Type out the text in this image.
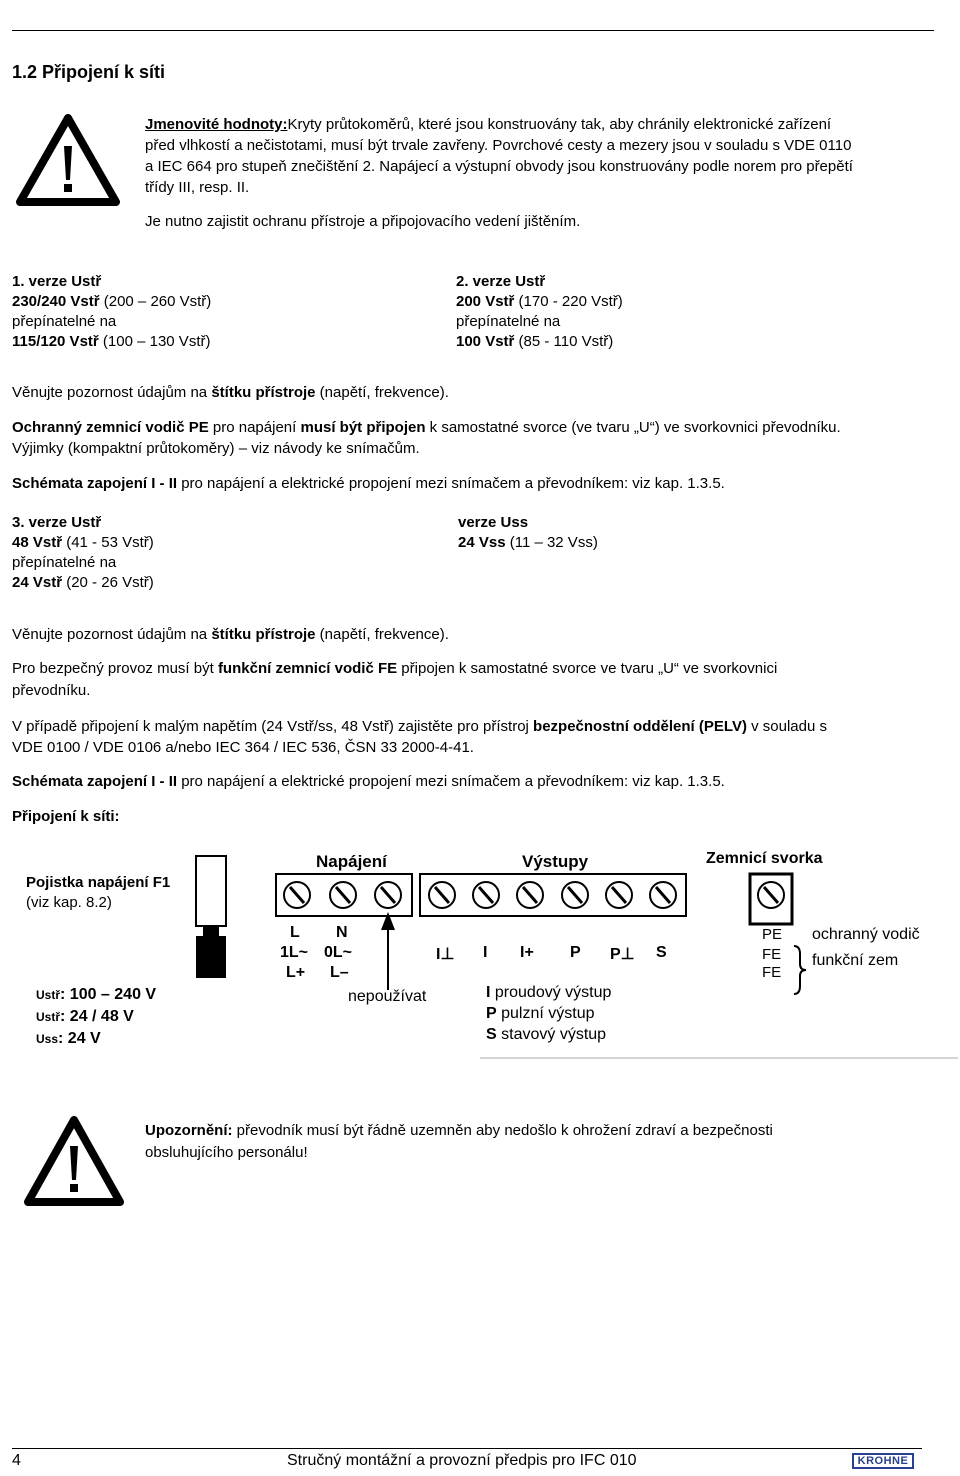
1.2 Připojení k síti
Jmenovité hodnoty:Kryty průtokoměrů, které jsou konstruovány tak, aby chránily elektronické zařízení
před vlhkostí a nečistotami, musí být trvale zavřeny. Povrchové cesty a mezery jsou v souladu s VDE 0110
a IEC 664 pro stupeň znečištění 2. Napájecí a výstupní obvody jsou konstruovány podle norem pro přepětí
třídy III, resp. II.
Je nutno zajistit ochranu přístroje a připojovacího vedení jištěním.
1. verze Ustř
230/240 Vstř (200 – 260 Vstř)
přepínatelné na
115/120 Vstř (100 – 130 Vstř)
2. verze Ustř
200 Vstř (170 - 220 Vstř)
přepínatelné na
100 Vstř (85 - 110 Vstř)
Věnujte pozornost údajům na štítku přístroje (napětí, frekvence).
Ochranný zemnicí vodič PE pro napájení musí být připojen k samostatné svorce (ve tvaru „U“) ve svorkovnici převodníku.
Výjimky (kompaktní průtokoměry) – viz návody ke snímačům.
Schémata zapojení I - II pro napájení a elektrické propojení mezi snímačem a převodníkem: viz kap. 1.3.5.
3. verze Ustř
48 Vstř (41 - 53 Vstř)
přepínatelné na
24 Vstř (20 - 26 Vstř)
verze Uss
24 Vss (11 – 32 Vss)
Věnujte pozornost údajům na štítku přístroje (napětí, frekvence).
Pro bezpečný provoz musí být funkční zemnicí vodič FE připojen k samostatné svorce ve tvaru „U“ ve svorkovnici
převodníku.
V případě připojení k malým napětím (24 Vstř/ss, 48 Vstř) zajistěte pro přístroj bezpečnostní oddělení (PELV) v souladu s
VDE 0100 / VDE 0106 a/nebo IEC 364 / IEC 536, ČSN 33 2000-4-41.
Schémata zapojení I - II pro napájení a elektrické propojení mezi snímačem a převodníkem: viz kap. 1.3.5.
Připojení k síti:
Pojistka napájení F1
(viz kap. 8.2)
Napájení	Výstupy	Zemnicí svorka
L N
1L~ 0L~
L+ L–
I⊥ I I+ P P⊥ S
PE
FE
FE
ochranný vodič
funkční zem
nepoužívat	I proudový výstup
P pulzní výstup
S stavový výstup
Ustř: 100 – 240 V
Ustř: 24 / 48 V
Uss: 24 V
Upozornění: převodník musí být řádně uzemněn aby nedošlo k ohrožení zdraví a bezpečnosti
obsluhujícího personálu!
4	Stručný montážní a provozní předpis pro IFC 010	KROHNE
